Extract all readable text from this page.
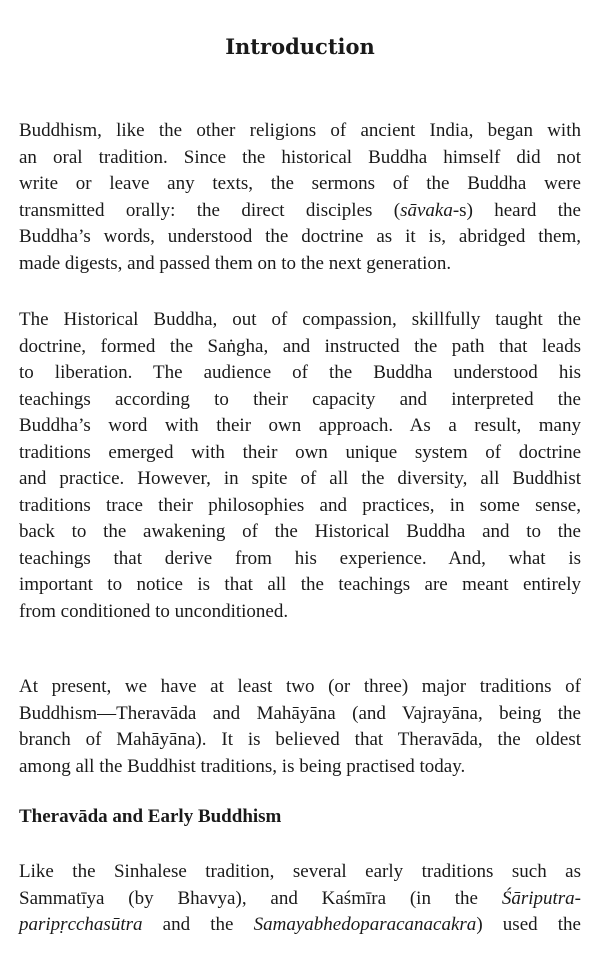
Introduction

Buddhism, like the other religions of ancient India, began with
an oral tradition. Since the historical Buddha himself did not
write or leave any texts, the sermons of the Buddha were
transmitted orally: the direct disciples (sāvaka-s) heard the
Buddha’s words, understood the doctrine as it is, abridged them,
made digests, and passed them on to the next generation.

The Historical Buddha, out of compassion, skillfully taught the
doctrine, formed the Saṅgha, and instructed the path that leads
to liberation. The audience of the Buddha understood his
teachings according to their capacity and interpreted the
Buddha’s word with their own approach. As a result, many
traditions emerged with their own unique system of doctrine
and practice. However, in spite of all the diversity, all Buddhist
traditions trace their philosophies and practices, in some sense,
back to the awakening of the Historical Buddha and to the
teachings that derive from his experience. And, what is
important to notice is that all the teachings are meant entirely
from conditioned to unconditioned.

At present, we have at least two (or three) major traditions of
Buddhism—Theravāda and Mahāyāna (and Vajrayāna, being the
branch of Mahāyāna). It is believed that Theravāda, the oldest
among all the Buddhist traditions, is being practised today.

Theravāda and Early Buddhism

Like the Sinhalese tradition, several early traditions such as
Sammatīya (by Bhavya), and Kaśmīra (in the Śāriputra-
paripṛcchasūtra and the Samayabhedoparacanacakra) used the
